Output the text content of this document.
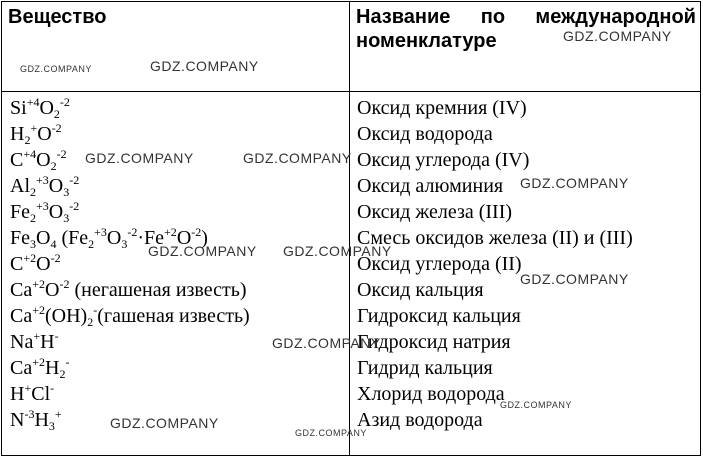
Вещество	Название по международной
номенклатуре
$Si^{+4}O_2^{-2}$	Оксид кремния (IV)
$H_2^+O^{-2}$	Оксид водорода
$C^{+4}O_2^{-2}$	Оксид углерода (IV)
$Al_2^{+3}O_3^{-2}$	Оксид алюминия
$Fe_2^{+3}O_3^{-2}$	Оксид железа (III)
$Fe_3O_4$ $(Fe_2^{+3}O_3^{-2}\cdot Fe^{+2}O^{-2})$	Смесь оксидов железа (II) и (III)
$C^{+2}O^{-2}$	Оксид углерода (II)
$Ca^{+2}O^{-2}$ (негашеная известь)	Оксид кальция
$Ca^{+2}(OH)_2^-(гашеная$ известь)	Гидроксид кальция
Na+H-	Гидроксид натрия
$Ca^{+2}H_2^-$	Гидрид кальция
H+Cl-	Хлорид водорода
$N^{-3}H_3^+$	Азид водорода
GDZ.COMPANY	GDZ.COMPANY
GDZ.COMPANY
GDZ.COMPANY	GDZ.COMPANY
GDZ.COMPANY
GDZ.COMPANY GDZ.COMPANY
GDZ.COMPANY
GDZ.COMPANY
GDZ.COMPANY
GDZ.COMPANY
GDZ.COMPANY
